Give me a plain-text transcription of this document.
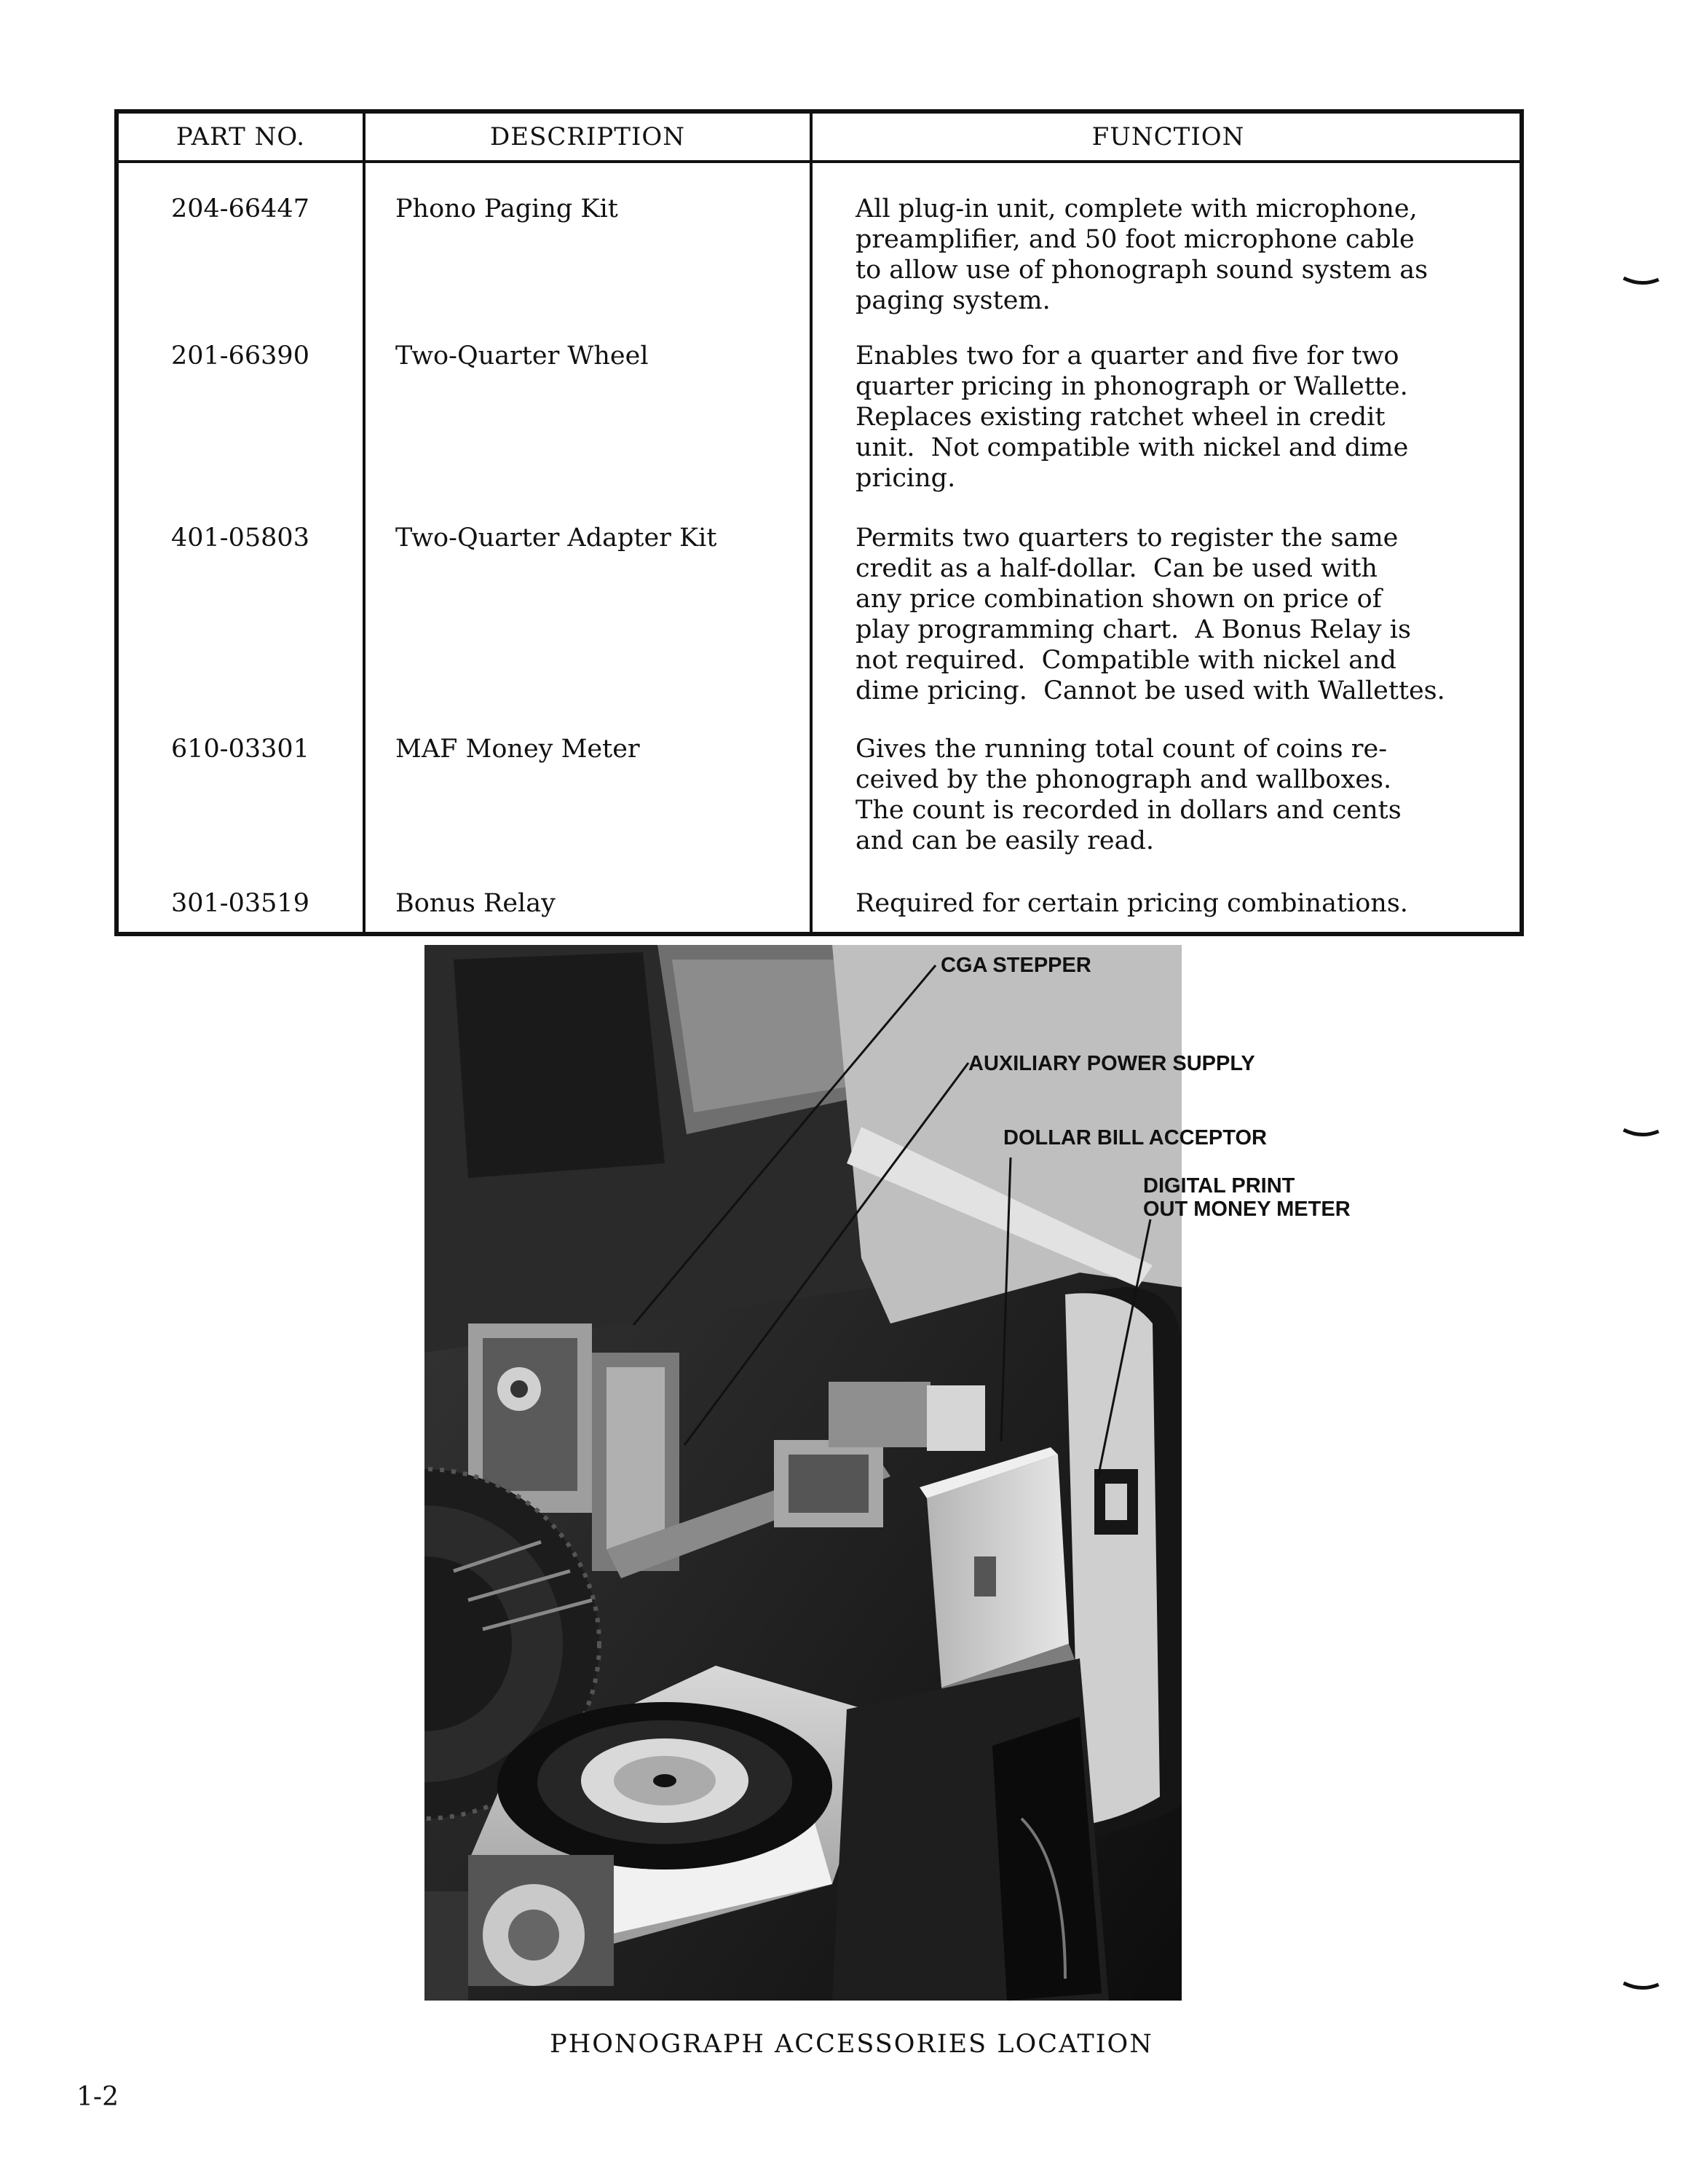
PART NO.	DESCRIPTION	FUNCTION
204-66447	Phono Paging Kit	All plug-in unit, complete with microphone,
preamplifier, and 50 foot microphone cable
to allow use of phonograph sound system as
paging system.
201-66390	Two-Quarter Wheel	Enables two for a quarter and five for two
quarter pricing in phonograph or Wallette.
Replaces existing ratchet wheel in credit
unit.  Not compatible with nickel and dime
pricing.
401-05803	Two-Quarter Adapter Kit	Permits two quarters to register the same
credit as a half-dollar.  Can be used with
any price combination shown on price of
play programming chart.  A Bonus Relay is
not required.  Compatible with nickel and
dime pricing.  Cannot be used with Wallettes.
610-03301	MAF Money Meter	Gives the running total count of coins re-
ceived by the phonograph and wallboxes.
The count is recorded in dollars and cents
and can be easily read.
301-03519	Bonus Relay	Required for certain pricing combinations.
CGA STEPPER
AUXILIARY POWER SUPPLY
DOLLAR BILL ACCEPTOR
DIGITAL PRINT
OUT MONEY METER
PHONOGRAPH ACCESSORIES LOCATION
1-2
